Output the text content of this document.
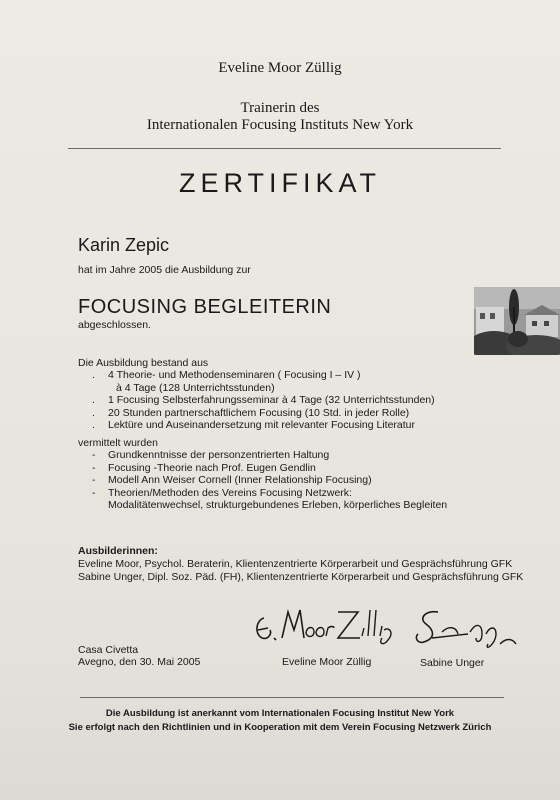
Eveline Moor Züllig
Trainerin des
Internationalen Focusing Instituts New York
ZERTIFIKAT
Karin Zepic
hat im Jahre 2005 die Ausbildung zur
FOCUSING BEGLEITERIN
abgeschlossen.
Die Ausbildung bestand aus
.	4 Theorie- und Methodenseminaren ( Focusing I – IV )
à 4 Tage (128 Unterrichtsstunden)
.	1 Focusing Selbsterfahrungsseminar à 4 Tage (32 Unterrichtsstunden)
.	20 Stunden partnerschaftlichem Focusing (10 Std. in jeder Rolle)
.	Lektüre und Auseinandersetzung mit relevanter Focusing Literatur
vermittelt wurden
-	Grundkenntnisse der personzentrierten Haltung
-	Focusing -Theorie nach Prof. Eugen Gendlin
-	Modell Ann Weiser Cornell (Inner Relationship Focusing)
-	Theorien/Methoden des Vereins Focusing Netzwerk:
Modalitätenwechsel, strukturgebundenes Erleben, körperliches Begleiten
Ausbilderinnen:
Eveline Moor, Psychol. Beraterin, Klientenzentrierte Körperarbeit und Gesprächsführung GFK
Sabine Unger, Dipl. Soz. Päd. (FH), Klientenzentrierte Körperarbeit und Gesprächsführung GFK
Casa Civetta
Avegno, den 30. Mai 2005	Eveline Moor Züllig	Sabine Unger
Die Ausbildung ist anerkannt vom Internationalen Focusing Institut New York
Sie erfolgt nach den Richtlinien und in Kooperation mit dem Verein Focusing Netzwerk Zürich
